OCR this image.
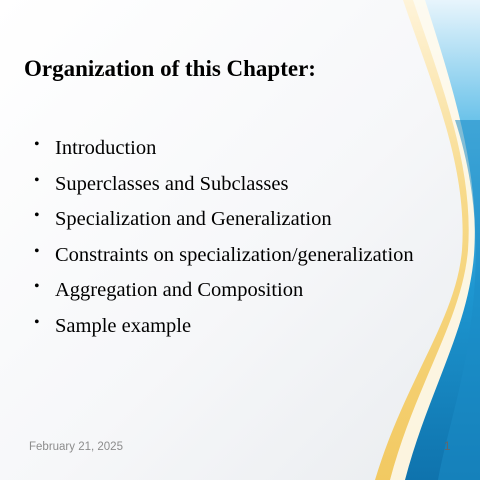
Organization of this Chapter:
• Introduction
• Superclasses and Subclasses
• Specialization and Generalization
• Constraints on specialization/generalization
• Aggregation and Composition
• Sample example
February 21, 2025	1
